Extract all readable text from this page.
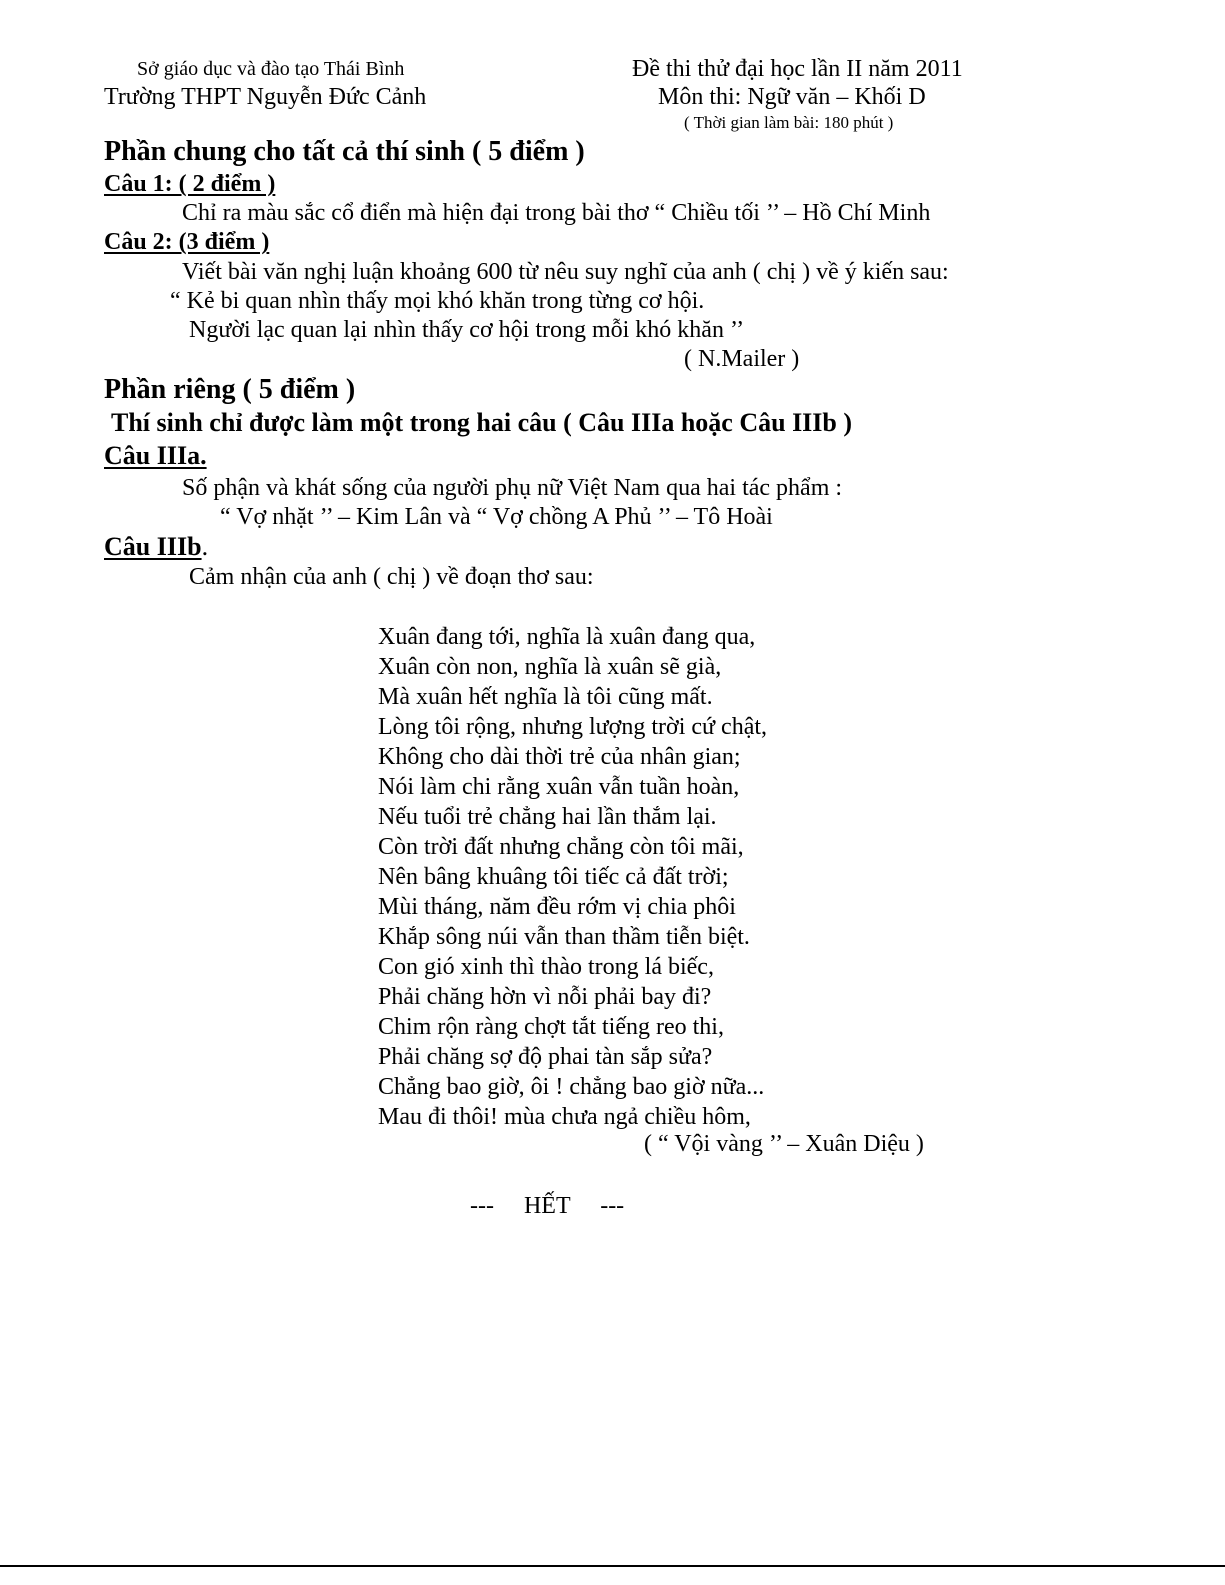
Sở giáo dục và đào tạo Thái Bình
Trường THPT Nguyễn Đức Cảnh
Đề thi thử đại học lần II năm 2011
Môn thi: Ngữ văn – Khối D
( Thời gian làm bài: 180 phút )
Phần chung cho tất cả thí sinh ( 5 điểm )
Câu 1: ( 2 điểm )
Chỉ ra màu sắc cổ điển mà hiện đại trong bài thơ “ Chiều tối ’’ – Hồ Chí Minh
Câu 2: (3 điểm )
Viết bài văn nghị luận khoảng 600 từ nêu suy nghĩ của anh ( chị ) về ý kiến sau:
“ Kẻ bi quan nhìn thấy mọi khó khăn trong từng cơ hội.
Người lạc quan lại nhìn thấy cơ hội trong mỗi khó khăn ’’
( N.Mailer )
Phần riêng ( 5 điểm )
Thí sinh chỉ được làm một trong hai câu ( Câu IIIa hoặc Câu IIIb )
Câu IIIa.
Số phận và khát sống của người phụ nữ Việt Nam qua hai tác phẩm :
“ Vợ nhặt ’’ – Kim Lân và “ Vợ chồng A Phủ ’’ – Tô Hoài
Câu IIIb.
Cảm nhận của anh ( chị ) về đoạn thơ sau:
Xuân đang tới, nghĩa là xuân đang qua,
Xuân còn non, nghĩa là xuân sẽ già,
Mà xuân hết nghĩa là tôi cũng mất.
Lòng tôi rộng, nhưng lượng trời cứ chật,
Không cho dài thời trẻ của nhân gian;
Nói làm chi rằng xuân vẫn tuần hoàn,
Nếu tuổi trẻ chẳng hai lần thắm lại.
Còn trời đất nhưng chẳng còn tôi mãi,
Nên bâng khuâng tôi tiếc cả đất trời;
Mùi tháng, năm đều rớm vị chia phôi
Khắp sông núi vẫn than thầm tiễn biệt.
Con gió xinh thì thào trong lá biếc,
Phải chăng hờn vì nỗi phải bay đi?
Chim rộn ràng chợt tắt tiếng reo thi,
Phải chăng sợ độ phai tàn sắp sửa?
Chẳng bao giờ, ôi ! chẳng bao giờ nữa...
Mau đi thôi! mùa chưa ngả chiều hôm,
( “ Vội vàng ’’ – Xuân Diệu )
---     HẾT     ---
